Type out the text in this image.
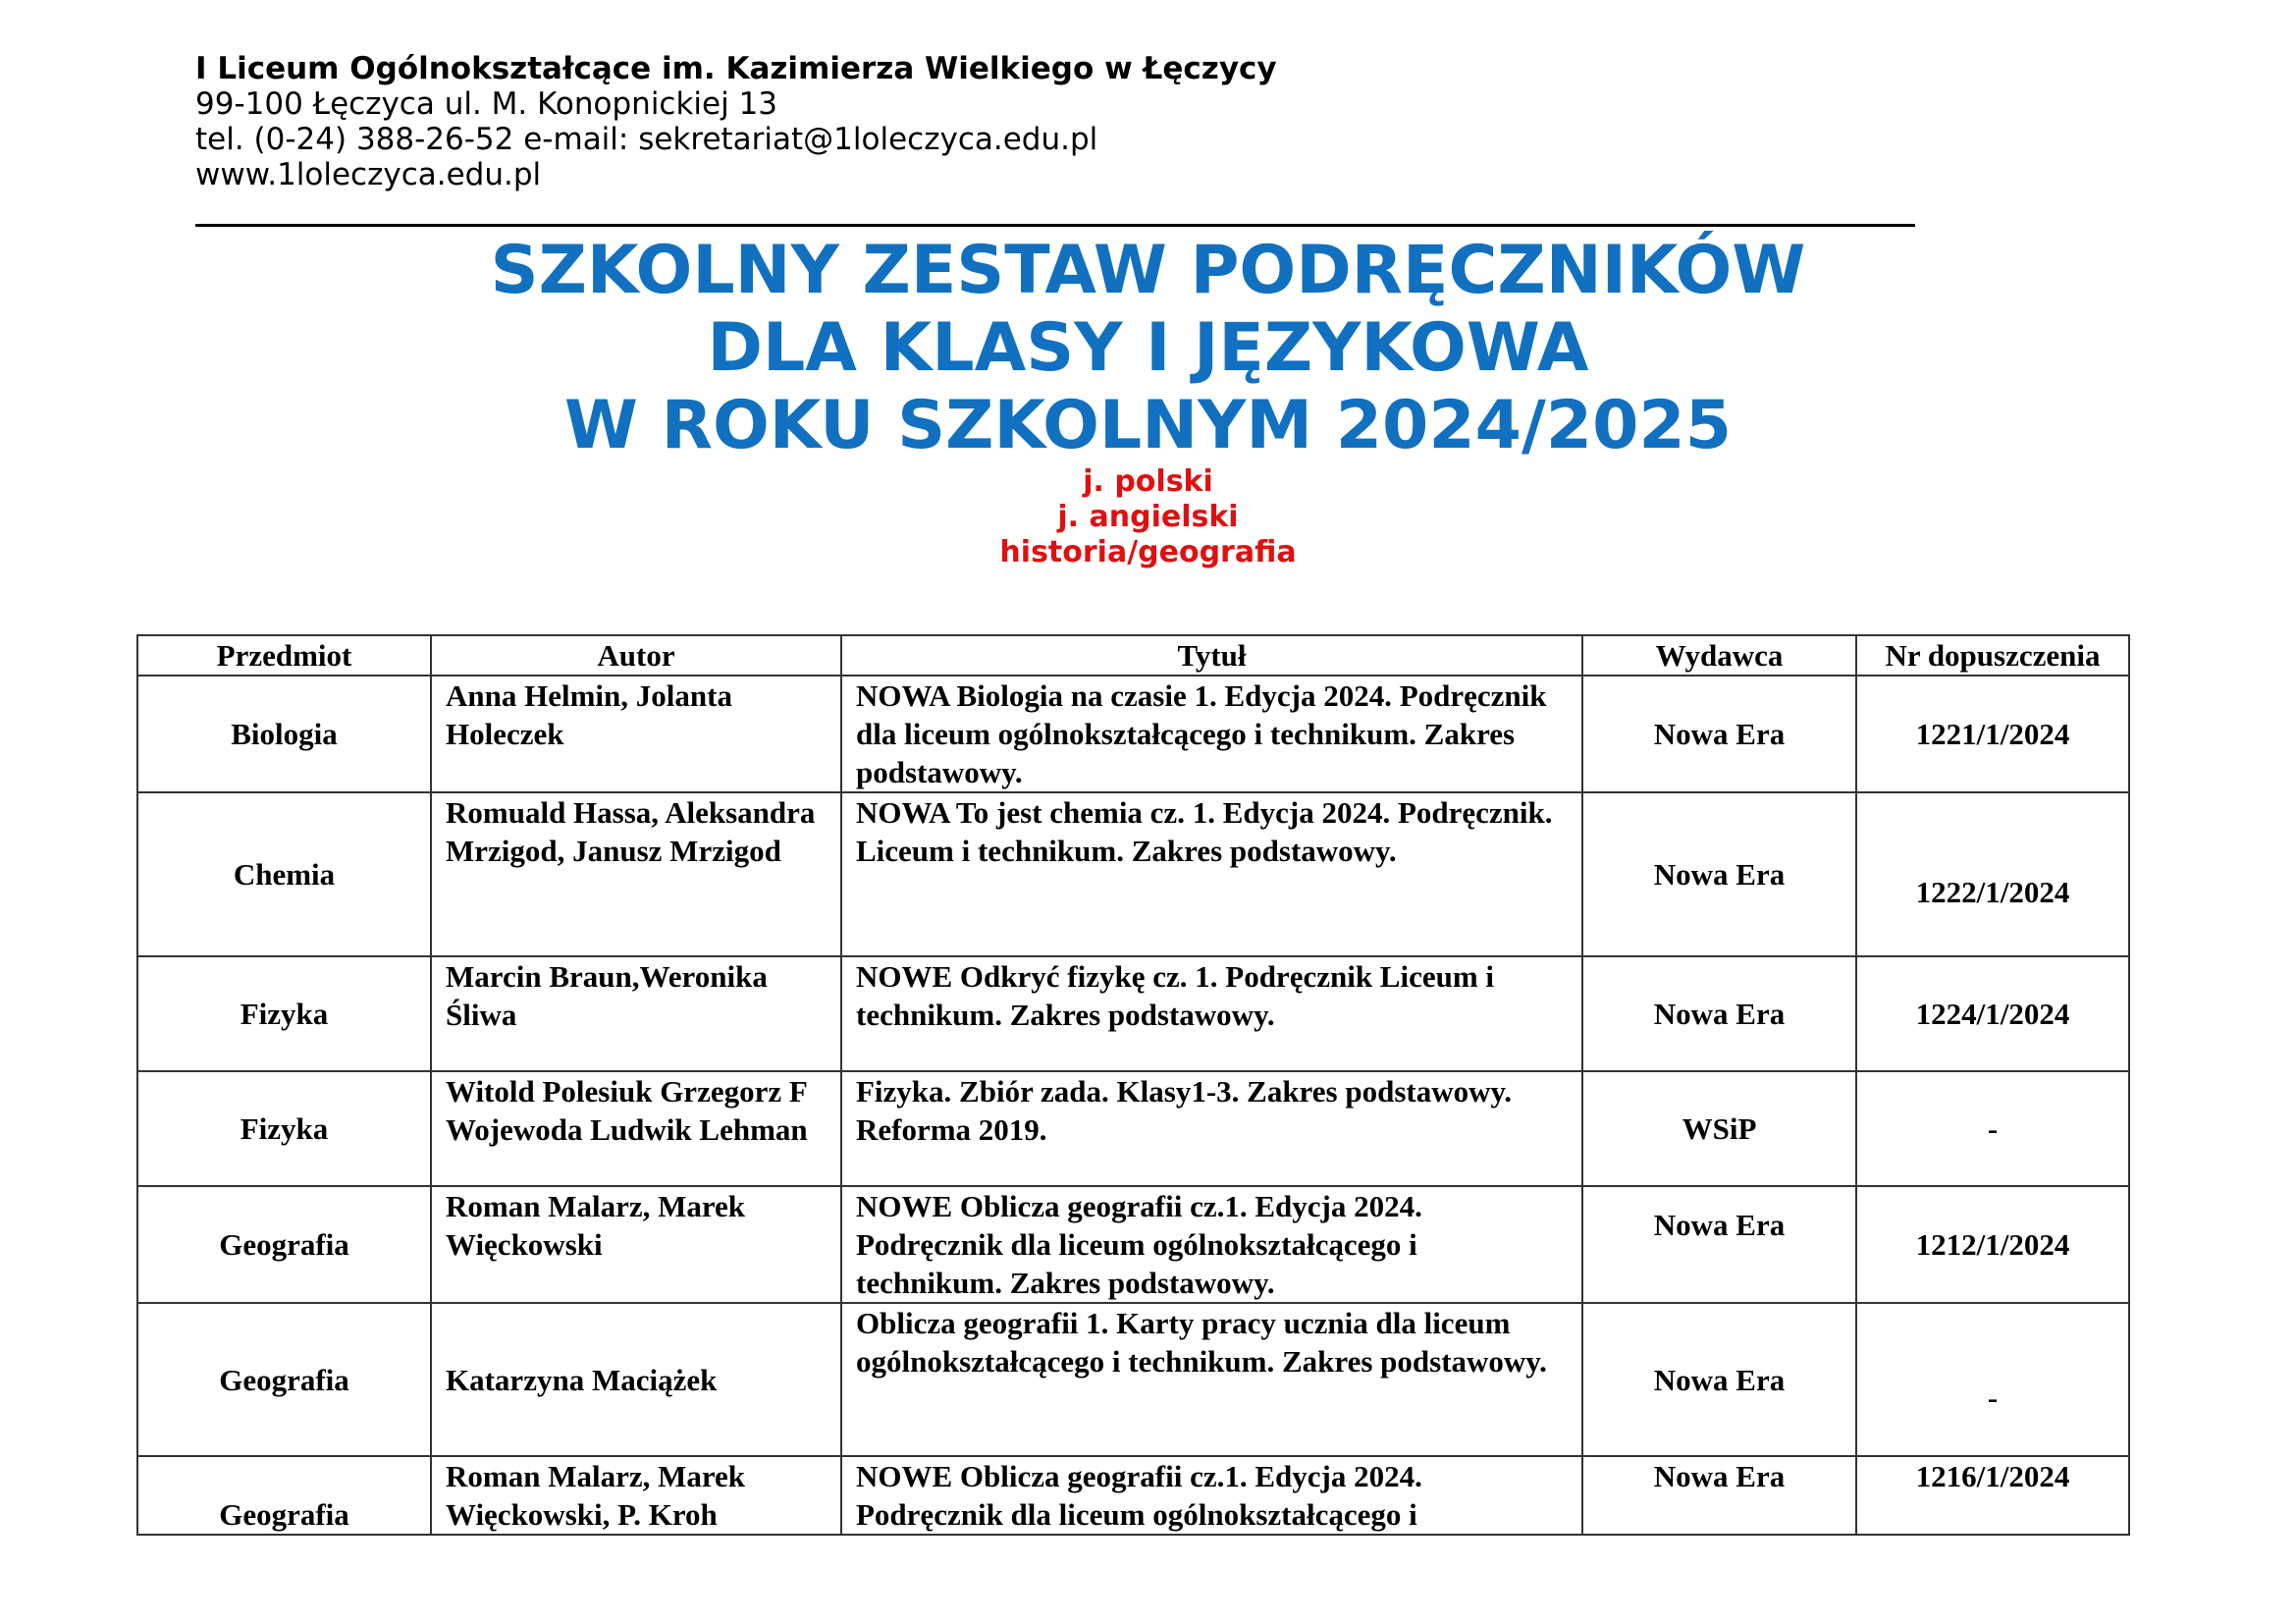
I Liceum Ogólnokształcące im. Kazimierza Wielkiego w Łęczycy
99-100 Łęczyca ul. M. Konopnickiej 13
tel. (0-24) 388-26-52 e-mail: sekretariat@1loleczyca.edu.pl
www.1loleczyca.edu.pl
SZKOLNY ZESTAW PODRĘCZNIKÓW
DLA KLASY I JĘZYKOWA
W ROKU SZKOLNYM 2024/2025
j. polski
j. angielski
historia/geografia
Przedmiot	Autor	Tytuł	Wydawca	Nr dopuszczenia
Biologia	Anna Helmin, Jolanta Holeczek	NOWA Biologia na czasie 1. Edycja 2024. Podręcznik dla liceum ogólnokształcącego i technikum. Zakres podstawowy.	Nowa Era	1221/1/2024
Chemia	Romuald Hassa, Aleksandra Mrzigod, Janusz Mrzigod	NOWA To jest chemia cz. 1. Edycja 2024. Podręcznik. Liceum i technikum. Zakres podstawowy.	Nowa Era	1222/1/2024
Fizyka	Marcin Braun,Weronika Śliwa	NOWE Odkryć fizykę cz. 1. Podręcznik Liceum i technikum. Zakres podstawowy.	Nowa Era	1224/1/2024
Fizyka	Witold Polesiuk Grzegorz F Wojewoda Ludwik Lehman	Fizyka. Zbiór zada. Klasy1-3. Zakres podstawowy. Reforma 2019.	WSiP	-
Geografia	Roman Malarz, Marek Więckowski	NOWE Oblicza geografii cz.1. Edycja 2024. Podręcznik dla liceum ogólnokształcącego i technikum. Zakres podstawowy.	Nowa Era	1212/1/2024
Geografia	Katarzyna Maciążek	Oblicza geografii 1. Karty pracy ucznia dla liceum ogólnokształcącego i technikum. Zakres podstawowy.	Nowa Era	-
Geografia	Roman Malarz, Marek Więckowski, P. Kroh	NOWE Oblicza geografii cz.1. Edycja 2024. Podręcznik dla liceum ogólnokształcącego i	Nowa Era	1216/1/2024
